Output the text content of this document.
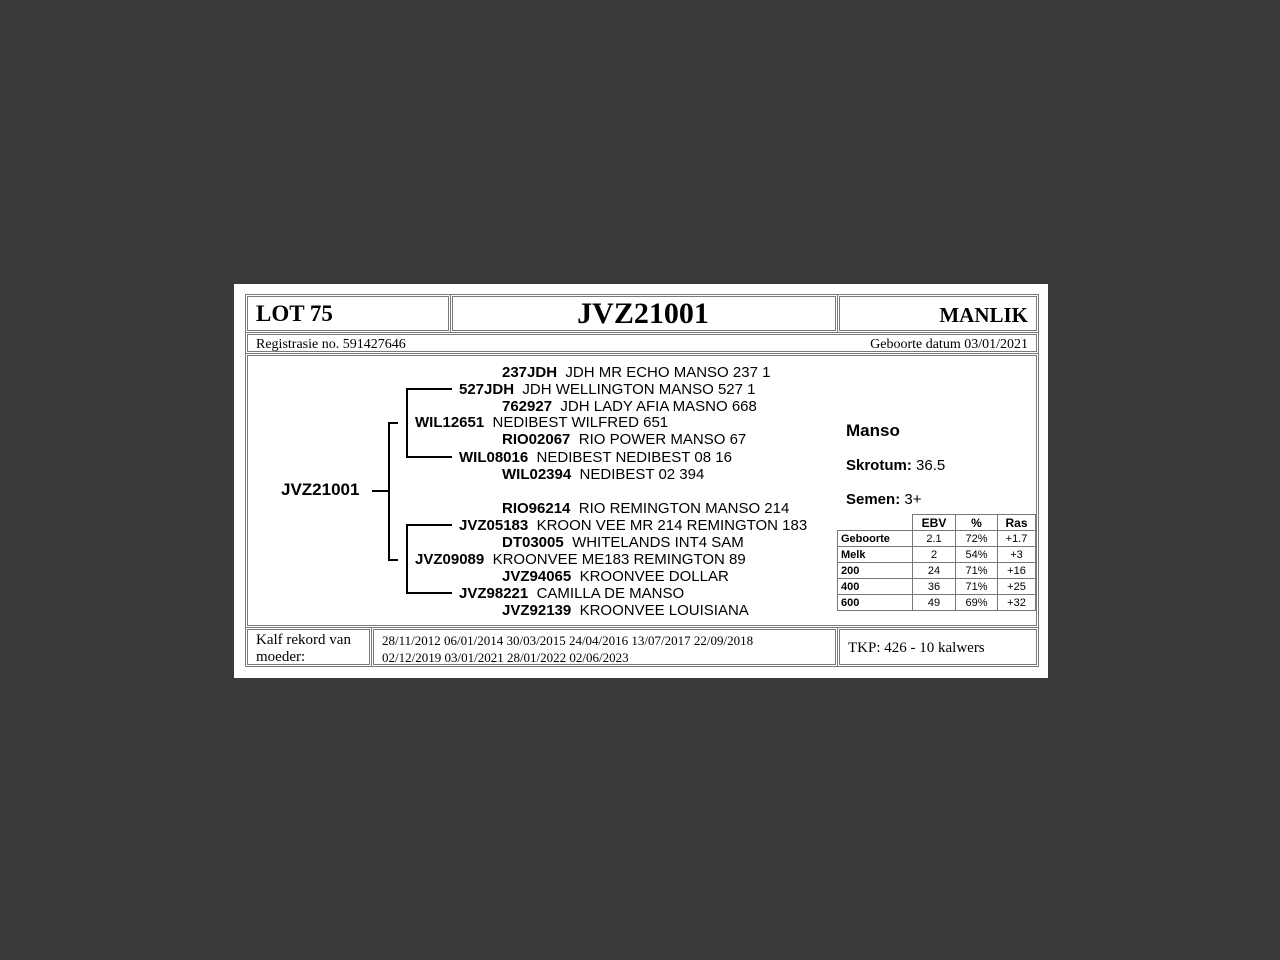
LOT 75	JVZ21001	MANLIK
Registrasie no. 591427646	Geboorte datum 03/01/2021
JVZ21001
237JDH JDH MR ECHO MANSO 237 1
527JDH JDH WELLINGTON MANSO 527 1
762927 JDH LADY AFIA MASNO 668
WIL12651 NEDIBEST WILFRED 651
RIO02067 RIO POWER MANSO 67
WIL08016 NEDIBEST NEDIBEST 08 16
WIL02394 NEDIBEST 02 394
RIO96214 RIO REMINGTON MANSO 214
JVZ05183 KROON VEE MR 214 REMINGTON 183
DT03005 WHITELANDS INT4 SAM
JVZ09089 KROONVEE ME183 REMINGTON 89
JVZ94065 KROONVEE DOLLAR
JVZ98221 CAMILLA DE MANSO
JVZ92139 KROONVEE LOUISIANA
Manso
Skrotum: 36.5
Semen: 3+
	EBV	%	Ras
Geboorte	2.1	72%	+1.7
Melk	2	54%	+3
200	24	71%	+16
400	36	71%	+25
600	49	69%	+32
Kalf rekord van
moeder:
28/11/2012 06/01/2014 30/03/2015 24/04/2016 13/07/2017 22/09/2018
02/12/2019 03/01/2021 28/01/2022 02/06/2023
TKP: 426 - 10 kalwers
